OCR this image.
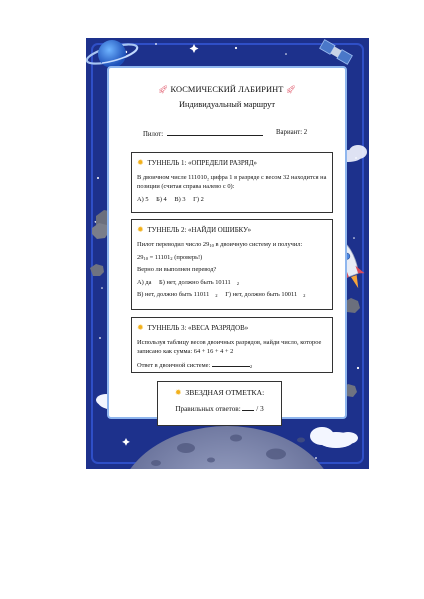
🚀︎ КОСМИЧЕСКИЙ ЛАБИРИНТ 🚀︎
Индивидуальный маршрут
Пилот:	Вариант: 2
✹ ТУННЕЛЬ 1: «ОПРЕДЕЛИ РАЗРЯД»

В двоичном числе 111010₂ цифра 1 в разряде с весом 32 находится на позиции (считая справа налево с 0):

А) 5 Б) 4 В) 3 Г) 2

✹ ТУННЕЛЬ 2: «НАЙДИ ОШИБКУ»

Пилот переводил число $29_{10}$ в двоичную систему и получил:

$29_{10} = 11101_2$ (проверь!)

Верно ли выполнен перевод?

А) да Б) нет, должно быть 10111 $_2$

В) нет, должно быть 11011 $_2$ Г) нет, должно быть 10011 $_2$

✹ ТУННЕЛЬ 3: «ВЕСА РАЗРЯДОВ»

Используя таблицу весов двоичных разрядов, найди число, которое записано как сумма: 64 + 16 + 4 + 2

Ответ в двоичной системе:	$_2$

✹ ЗВЕЗДНАЯ ОТМЕТКА:
Правильных ответов:  / 3
